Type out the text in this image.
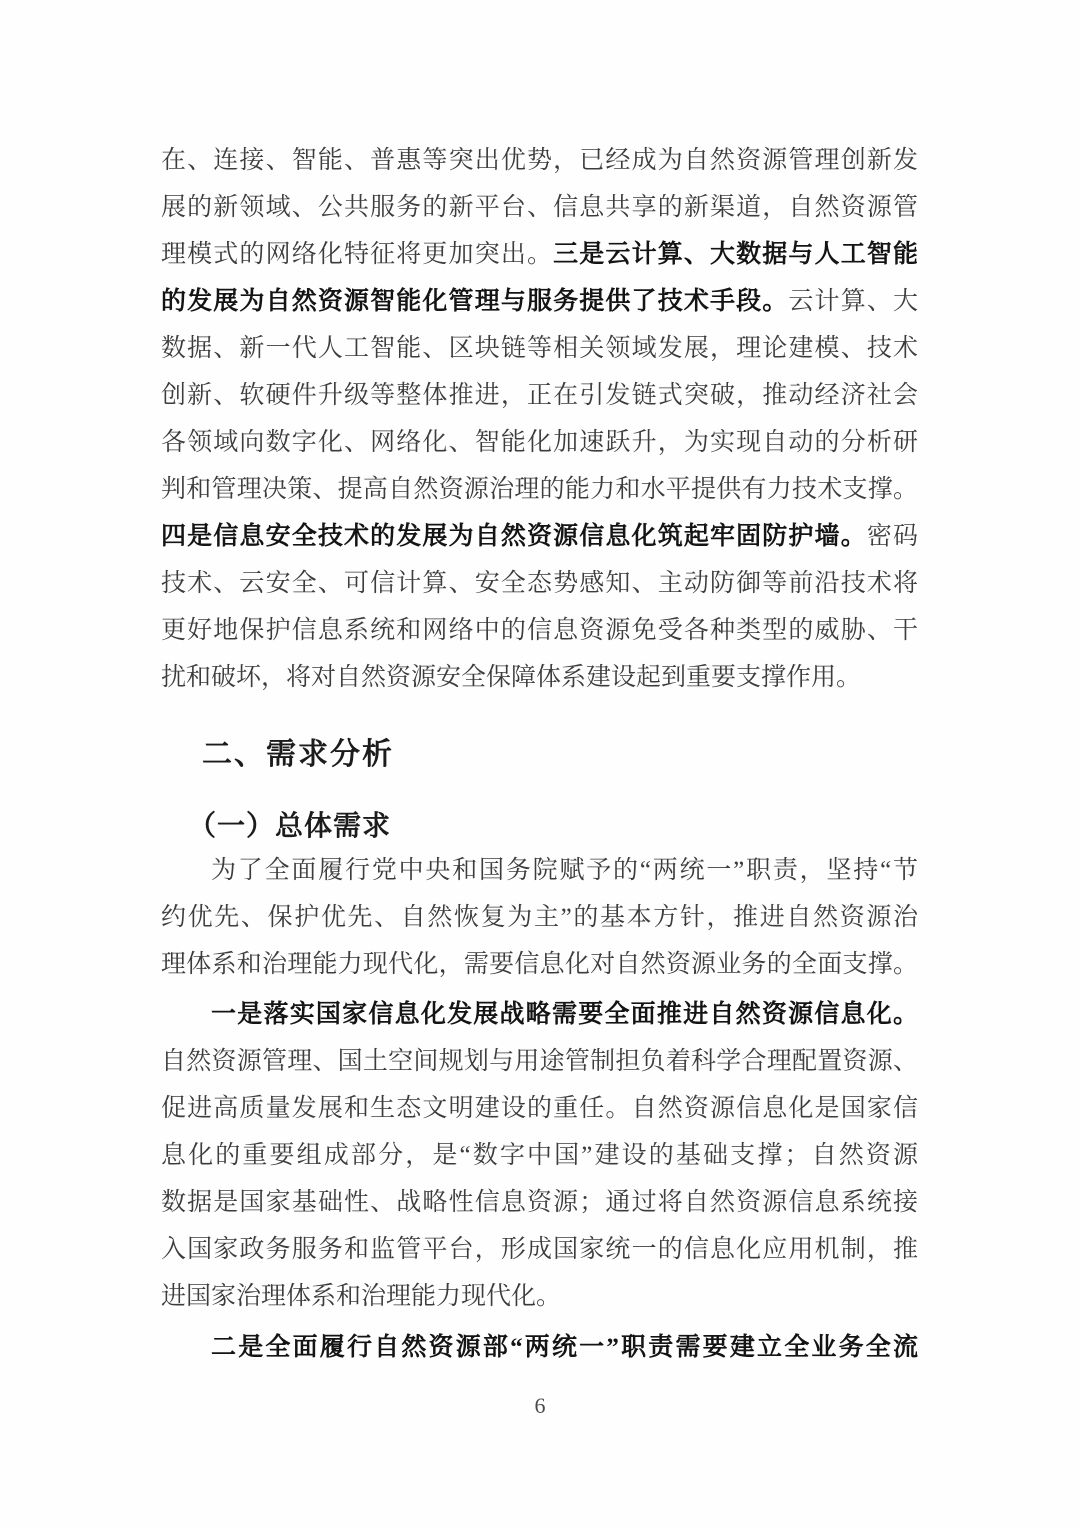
在、连接、智能、普惠等突出优势，已经成为自然资源管理创新发
展的新领域、公共服务的新平台、信息共享的新渠道，自然资源管
理模式的网络化特征将更加突出。三是云计算、大数据与人工智能
的发展为自然资源智能化管理与服务提供了技术手段。云计算、大
数据、新一代人工智能、区块链等相关领域发展，理论建模、技术
创新、软硬件升级等整体推进，正在引发链式突破，推动经济社会
各领域向数字化、网络化、智能化加速跃升，为实现自动的分析研
判和管理决策、提高自然资源治理的能力和水平提供有力技术支撑。
四是信息安全技术的发展为自然资源信息化筑起牢固防护墙。密码
技术、云安全、可信计算、安全态势感知、主动防御等前沿技术将
更好地保护信息系统和网络中的信息资源免受各种类型的威胁、干
扰和破坏，将对自然资源安全保障体系建设起到重要支撑作用。
二、需求分析
（一）总体需求
为了全面履行党中央和国务院赋予的“两统一”职责，坚持“节
约优先、保护优先、自然恢复为主”的基本方针，推进自然资源治
理体系和治理能力现代化，需要信息化对自然资源业务的全面支撑。
一是落实国家信息化发展战略需要全面推进自然资源信息化。
自然资源管理、国土空间规划与用途管制担负着科学合理配置资源、
促进高质量发展和生态文明建设的重任。自然资源信息化是国家信
息化的重要组成部分，是“数字中国”建设的基础支撑；自然资源
数据是国家基础性、战略性信息资源；通过将自然资源信息系统接
入国家政务服务和监管平台，形成国家统一的信息化应用机制，推
进国家治理体系和治理能力现代化。
二是全面履行自然资源部“两统一”职责需要建立全业务全流
6
